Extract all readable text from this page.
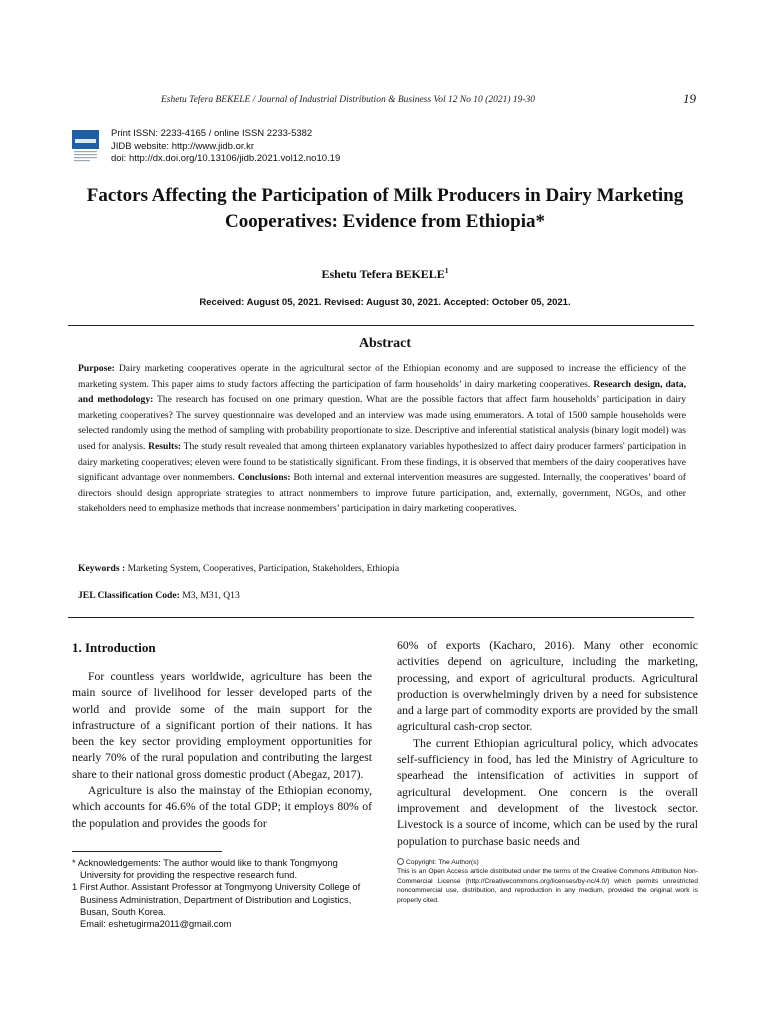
Eshetu Tefera BEKELE / Journal of Industrial Distribution & Business Vol 12 No 10 (2021) 19-30	19
Print ISSN: 2233-4165 / online ISSN 2233-5382
JIDB website: http://www.jidb.or.kr
doi: http://dx.doi.org/10.13106/jidb.2021.vol12.no10.19
Factors Affecting the Participation of Milk Producers in Dairy Marketing
Cooperatives: Evidence from Ethiopia*
Eshetu Tefera BEKELE$^1$
Received: August 05, 2021. Revised: August 30, 2021. Accepted: October 05, 2021.
Abstract
Purpose: Dairy marketing cooperatives operate in the agricultural sector of the Ethiopian economy and are supposed to increase the efficiency of the marketing system. This paper aims to study factors affecting the participation of farm households’ in dairy marketing cooperatives. Research design, data, and methodology: The research has focused on one primary question. What are the possible factors that affect farm households’ participation in dairy marketing cooperatives? The survey questionnaire was developed and an interview was made using enumerators. A total of 1500 sample households were selected randomly using the method of sampling with probability proportionate to size. Descriptive and inferential statistical analysis (binary logit model) was used for analysis. Results: The study result revealed that among thirteen explanatory variables hypothesized to affect dairy producer farmers' participation in dairy marketing cooperatives; eleven were found to be statistically significant. From these findings, it is observed that members of the dairy cooperatives have significant advantage over nonmembers. Conclusions: Both internal and external intervention measures are suggested. Internally, the cooperatives’ board of directors should design appropriate strategies to attract nonmembers to improve future participation, and, externally, government, NGOs, and other stakeholders need to emphasize methods that increase nonmembers’ participation in dairy marketing cooperatives.
Keywords : Marketing System, Cooperatives, Participation, Stakeholders, Ethiopia
JEL Classification Code: M3, M31, Q13
1. Introduction

For countless years worldwide, agriculture has been the main source of livelihood for lesser developed parts of the world and provide some of the main support for the infrastructure of a significant portion of their nations. It has been the key sector providing employment opportunities for nearly 70% of the rural population and contributing the largest share to their national gross domestic product (Abegaz, 2017).

Agriculture is also the mainstay of the Ethiopian economy, which accounts for 46.6% of the total GDP; it employs 80% of the population and provides the goods for

60% of exports (Kacharo, 2016). Many other economic activities depend on agriculture, including the marketing, processing, and export of agricultural products. Agricultural production is overwhelmingly driven by a need for subsistence and a large part of commodity exports are provided by the small agricultural cash-crop sector.

The current Ethiopian agricultural policy, which advocates self-sufficiency in food, has led the Ministry of Agriculture to spearhead the intensification of activities in support of agricultural development. One concern is the overall improvement and development of the livestock sector. Livestock is a source of income, which can be used by the rural population to purchase basic needs and

* Acknowledgements: The author would like to thank Tongmyong University for providing the respective research fund.
1 First Author. Assistant Professor at Tongmyong University College of Business Administration, Department of Distribution and Logistics, Busan, South Korea.
Email: eshetugirma2011@gmail.com
Copyright: The Author(s)
This is an Open Access article distributed under the terms of the Creative Commons Attribution Non-Commercial License (http://Creativecommons.org/licenses/by-nc/4.0/) which permits unrestricted noncommercial use, distribution, and reproduction in any medium, provided the original work is properly cited.
